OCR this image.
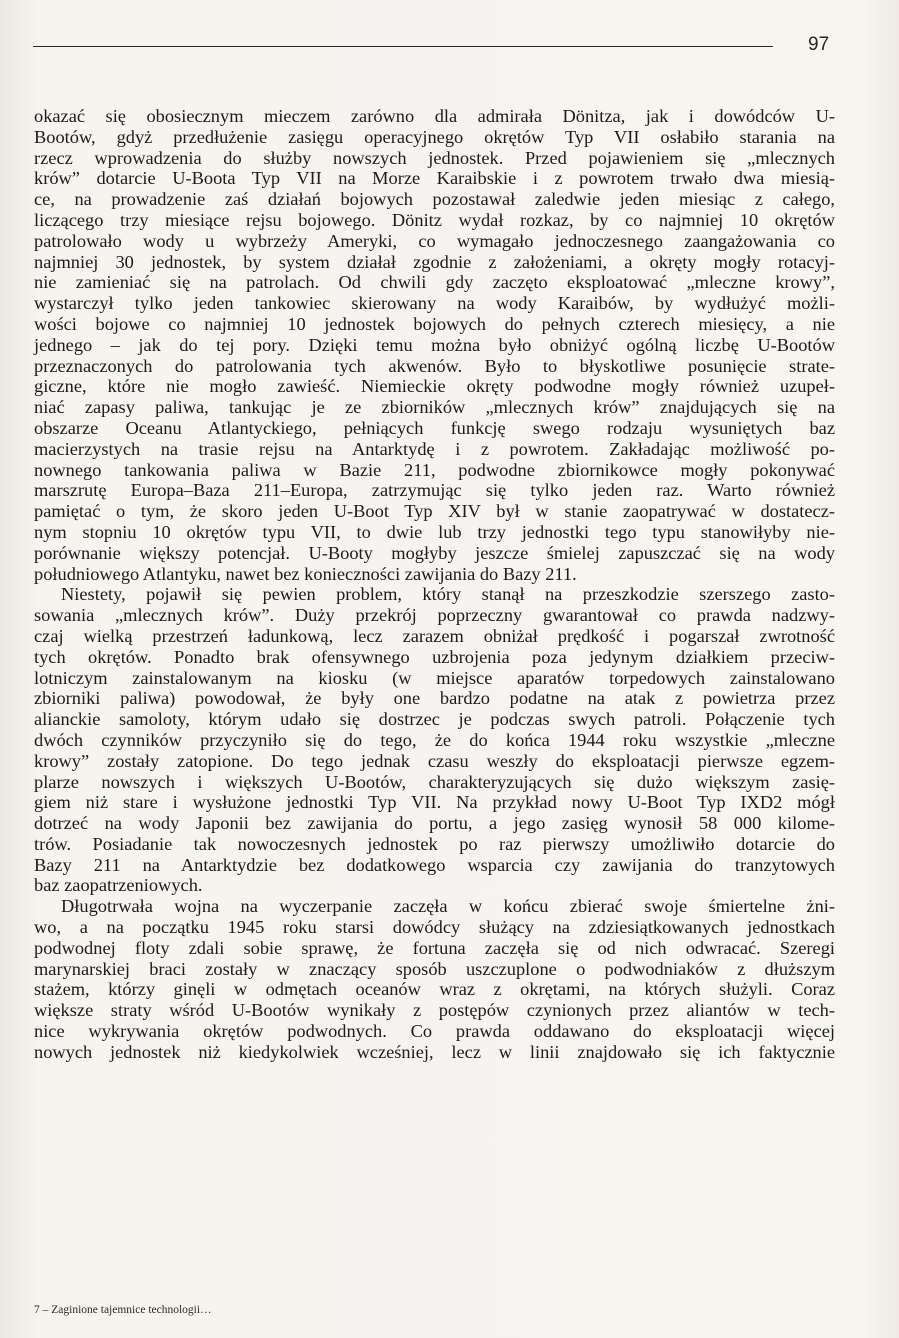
97
okazać się obosiecznym mieczem zarówno dla admirała Dönitza, jak i dowódców U-
Bootów, gdyż przedłużenie zasięgu operacyjnego okrętów Typ VII osłabiło starania na
rzecz wprowadzenia do służby nowszych jednostek. Przed pojawieniem się „mlecznych
krów” dotarcie U-Boota Typ VII na Morze Karaibskie i z powrotem trwało dwa miesią-
ce, na prowadzenie zaś działań bojowych pozostawał zaledwie jeden miesiąc z całego,
liczącego trzy miesiące rejsu bojowego. Dönitz wydał rozkaz, by co najmniej 10 okrętów
patrolowało wody u wybrzeży Ameryki, co wymagało jednoczesnego zaangażowania co
najmniej 30 jednostek, by system działał zgodnie z założeniami, a okręty mogły rotacyj-
nie zamieniać się na patrolach. Od chwili gdy zaczęto eksploatować „mleczne krowy”,
wystarczył tylko jeden tankowiec skierowany na wody Karaibów, by wydłużyć możli-
wości bojowe co najmniej 10 jednostek bojowych do pełnych czterech miesięcy, a nie
jednego – jak do tej pory. Dzięki temu można było obniżyć ogólną liczbę U-Bootów
przeznaczonych do patrolowania tych akwenów. Było to błyskotliwe posunięcie strate-
giczne, które nie mogło zawieść. Niemieckie okręty podwodne mogły również uzupeł-
niać zapasy paliwa, tankując je ze zbiorników „mlecznych krów” znajdujących się na
obszarze Oceanu Atlantyckiego, pełniących funkcję swego rodzaju wysuniętych baz
macierzystych na trasie rejsu na Antarktydę i z powrotem. Zakładając możliwość po-
nownego tankowania paliwa w Bazie 211, podwodne zbiornikowce mogły pokonywać
marszrutę Europa–Baza 211–Europa, zatrzymując się tylko jeden raz. Warto również
pamiętać o tym, że skoro jeden U-Boot Typ XIV był w stanie zaopatrywać w dostatecz-
nym stopniu 10 okrętów typu VII, to dwie lub trzy jednostki tego typu stanowiłyby nie-
porównanie większy potencjał. U-Booty mogłyby jeszcze śmielej zapuszczać się na wody
południowego Atlantyku, nawet bez konieczności zawijania do Bazy 211.
Niestety, pojawił się pewien problem, który stanął na przeszkodzie szerszego zasto-
sowania „mlecznych krów”. Duży przekrój poprzeczny gwarantował co prawda nadzwy-
czaj wielką przestrzeń ładunkową, lecz zarazem obniżał prędkość i pogarszał zwrotność
tych okrętów. Ponadto brak ofensywnego uzbrojenia poza jedynym działkiem przeciw-
lotniczym zainstalowanym na kiosku (w miejsce aparatów torpedowych zainstalowano
zbiorniki paliwa) powodował, że były one bardzo podatne na atak z powietrza przez
alianckie samoloty, którym udało się dostrzec je podczas swych patroli. Połączenie tych
dwóch czynników przyczyniło się do tego, że do końca 1944 roku wszystkie „mleczne
krowy” zostały zatopione. Do tego jednak czasu weszły do eksploatacji pierwsze egzem-
plarze nowszych i większych U-Bootów, charakteryzujących się dużo większym zasię-
giem niż stare i wysłużone jednostki Typ VII. Na przykład nowy U-Boot Typ IXD2 mógł
dotrzeć na wody Japonii bez zawijania do portu, a jego zasięg wynosił 58 000 kilome-
trów. Posiadanie tak nowoczesnych jednostek po raz pierwszy umożliwiło dotarcie do
Bazy 211 na Antarktydzie bez dodatkowego wsparcia czy zawijania do tranzytowych
baz zaopatrzeniowych.
Długotrwała wojna na wyczerpanie zaczęła w końcu zbierać swoje śmiertelne żni-
wo, a na początku 1945 roku starsi dowódcy służący na zdziesiątkowanych jednostkach
podwodnej floty zdali sobie sprawę, że fortuna zaczęła się od nich odwracać. Szeregi
marynarskiej braci zostały w znaczący sposób uszczuplone o podwodniaków z dłuższym
stażem, którzy ginęli w odmętach oceanów wraz z okrętami, na których służyli. Coraz
większe straty wśród U-Bootów wynikały z postępów czynionych przez aliantów w tech-
nice wykrywania okrętów podwodnych. Co prawda oddawano do eksploatacji więcej
nowych jednostek niż kiedykolwiek wcześniej, lecz w linii znajdowało się ich faktycznie
7 – Zaginione tajemnice technologii…
